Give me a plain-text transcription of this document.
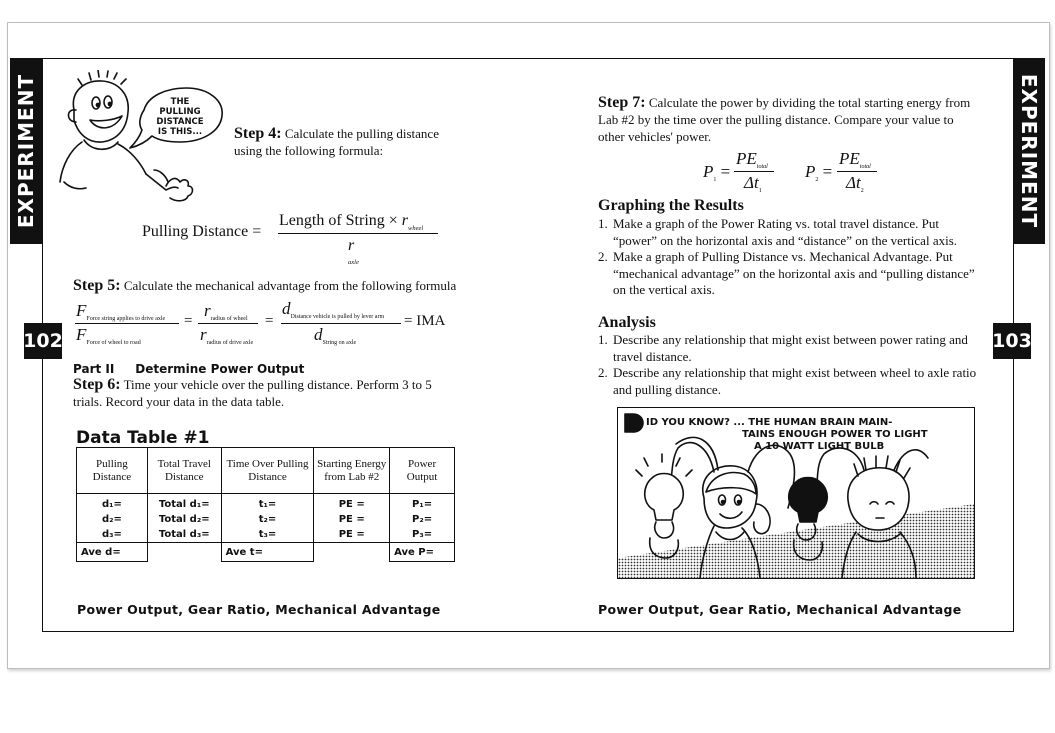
EXPERIMENT	EXPERIMENT
102	103
THE
PULLING
DISTANCE
IS THIS... Step 4: Calculate the pulling distance using the following formula:
Pulling Distance =
Length of String × $r_{wheel}$
r
$^{axle}$
Step 5: Calculate the mechanical advantage from the following formula
$F_{Force string applies to drive axle}$
$F_{Force of wheel to road}$
=
$r_{radius of wheel}$
$r_{radius of drive axle}$
=
$d_{Distance vehicle is pulled by lever arm}$
$d_{String on axle}$
= IMA
Part II Determine Power Output
Step 6: Time your vehicle over the pulling distance. Perform 3 to 5 trials. Record your data in the data table.
Data Table #1
Pulling Distance	Total Travel Distance	Time Over Pulling Distance	Starting Energy from Lab #2	Power Output
d₁=	Total d₁=	t₁=	PE =	P₁=
d₂=	Total d₂=	t₂=	PE =	P₂=
d₃=	Total d₃=	t₃=	PE =	P₃=
Ave d=		Ave t=		Ave P=
Power Output, Gear Ratio, Mechanical Advantage
Step 7: Calculate the power by dividing the total starting energy from Lab #2 by the time over the pulling distance. Compare your value to other vehicles' power.
$P_1$ =
$PE_{total}$
$\Delta t_1$
$P_2$ =
$PE_{total}$
$\Delta t_2$
Graphing the Results
1. Make a graph of the Power Rating vs. total travel distance. Put “power” on the horizontal axis and “distance” on the vertical axis.
2. Make a graph of Pulling Distance vs. Mechanical Advantage. Put “mechanical advantage” on the horizontal axis and “pulling distance” on the vertical axis.
Analysis
1. Describe any relationship that might exist between power rating and travel distance.
2. Describe any relationship that might exist between wheel to axle ratio and pulling distance.
ID YOU KNOW? ... THE HUMAN BRAIN MAIN-
TAINS ENOUGH POWER TO LIGHT
A 10 WATT LIGHT BULB
Power Output, Gear Ratio, Mechanical Advantage
